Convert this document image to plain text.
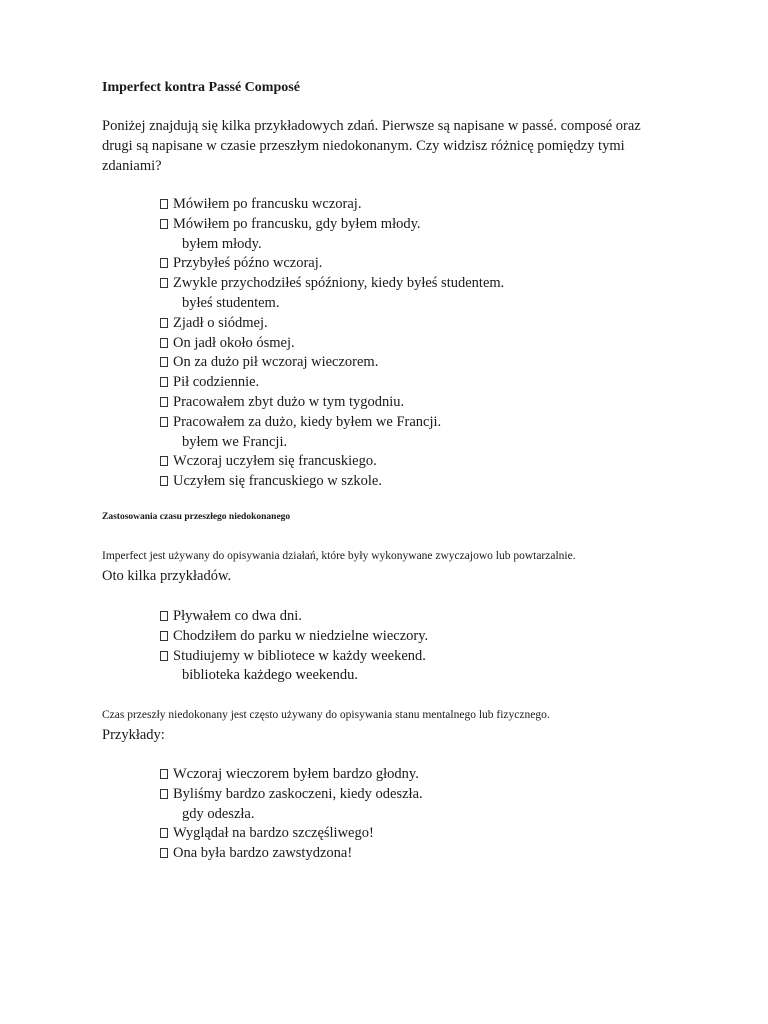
Imperfect kontra Passé Composé

Poniżej znajdują się kilka przykładowych zdań. Pierwsze są napisane w passé. composé oraz drugi są napisane w czasie przeszłym niedokonanym. Czy widzisz różnicę pomiędzy tymi zdaniami?

Mówiłem po francusku wczoraj.
Mówiłem po francusku, gdy byłem młody.
byłem młody.
Przybyłeś późno wczoraj.
Zwykle przychodziłeś spóźniony, kiedy byłeś studentem.
byłeś studentem.
Zjadł o siódmej.
On jadł około ósmej.
On za dużo pił wczoraj wieczorem.
Pił codziennie.
Pracowałem zbyt dużo w tym tygodniu.
Pracowałem za dużo, kiedy byłem we Francji.
byłem we Francji.
Wczoraj uczyłem się francuskiego.
Uczyłem się francuskiego w szkole.
Zastosowania czasu przeszłego niedokonanego
Imperfect jest używany do opisywania działań, które były wykonywane zwyczajowo lub powtarzalnie.
Oto kilka przykładów.
Pływałem co dwa dni.
Chodziłem do parku w niedzielne wieczory.
Studiujemy w bibliotece w każdy weekend.
biblioteka każdego weekendu.
Czas przeszły niedokonany jest często używany do opisywania stanu mentalnego lub fizycznego.
Przykłady:
Wczoraj wieczorem byłem bardzo głodny.
Byliśmy bardzo zaskoczeni, kiedy odeszła.
gdy odeszła.
Wyglądał na bardzo szczęśliwego!
Ona była bardzo zawstydzona!
